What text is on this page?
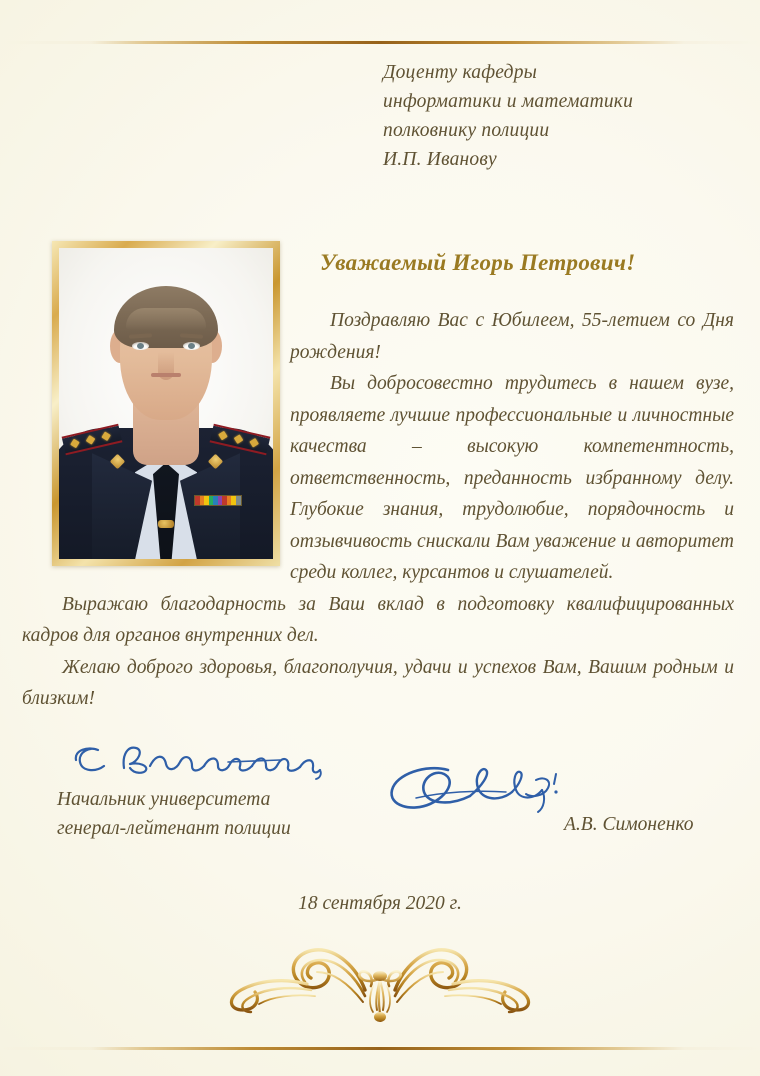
Доценту кафедры
информатики и математики
полковнику полиции
И.П. Иванову
Уважаемый Игорь Петрович!

Поздравляю Вас с Юбилеем, 55-летием со Дня рождения!

Вы добросовестно трудитесь в нашем вузе, проявляете лучшие профессиональные и личностные качества – высокую компетентность, ответственность, преданность избранному делу. Глубокие знания, трудолюбие, порядочность и отзывчивость снискали Вам уважение и авторитет среди коллег, курсантов и слушателей.

Выражаю благодарность за Ваш вклад в подготовку квалифицированных кадров для органов внутренних дел.

Желаю доброго здоровья, благополучия, удачи и успехов Вам, Вашим родным и близким!

Начальник университета
генерал-лейтенант полиции	А.В. Симоненко
18 сентября 2020 г.
